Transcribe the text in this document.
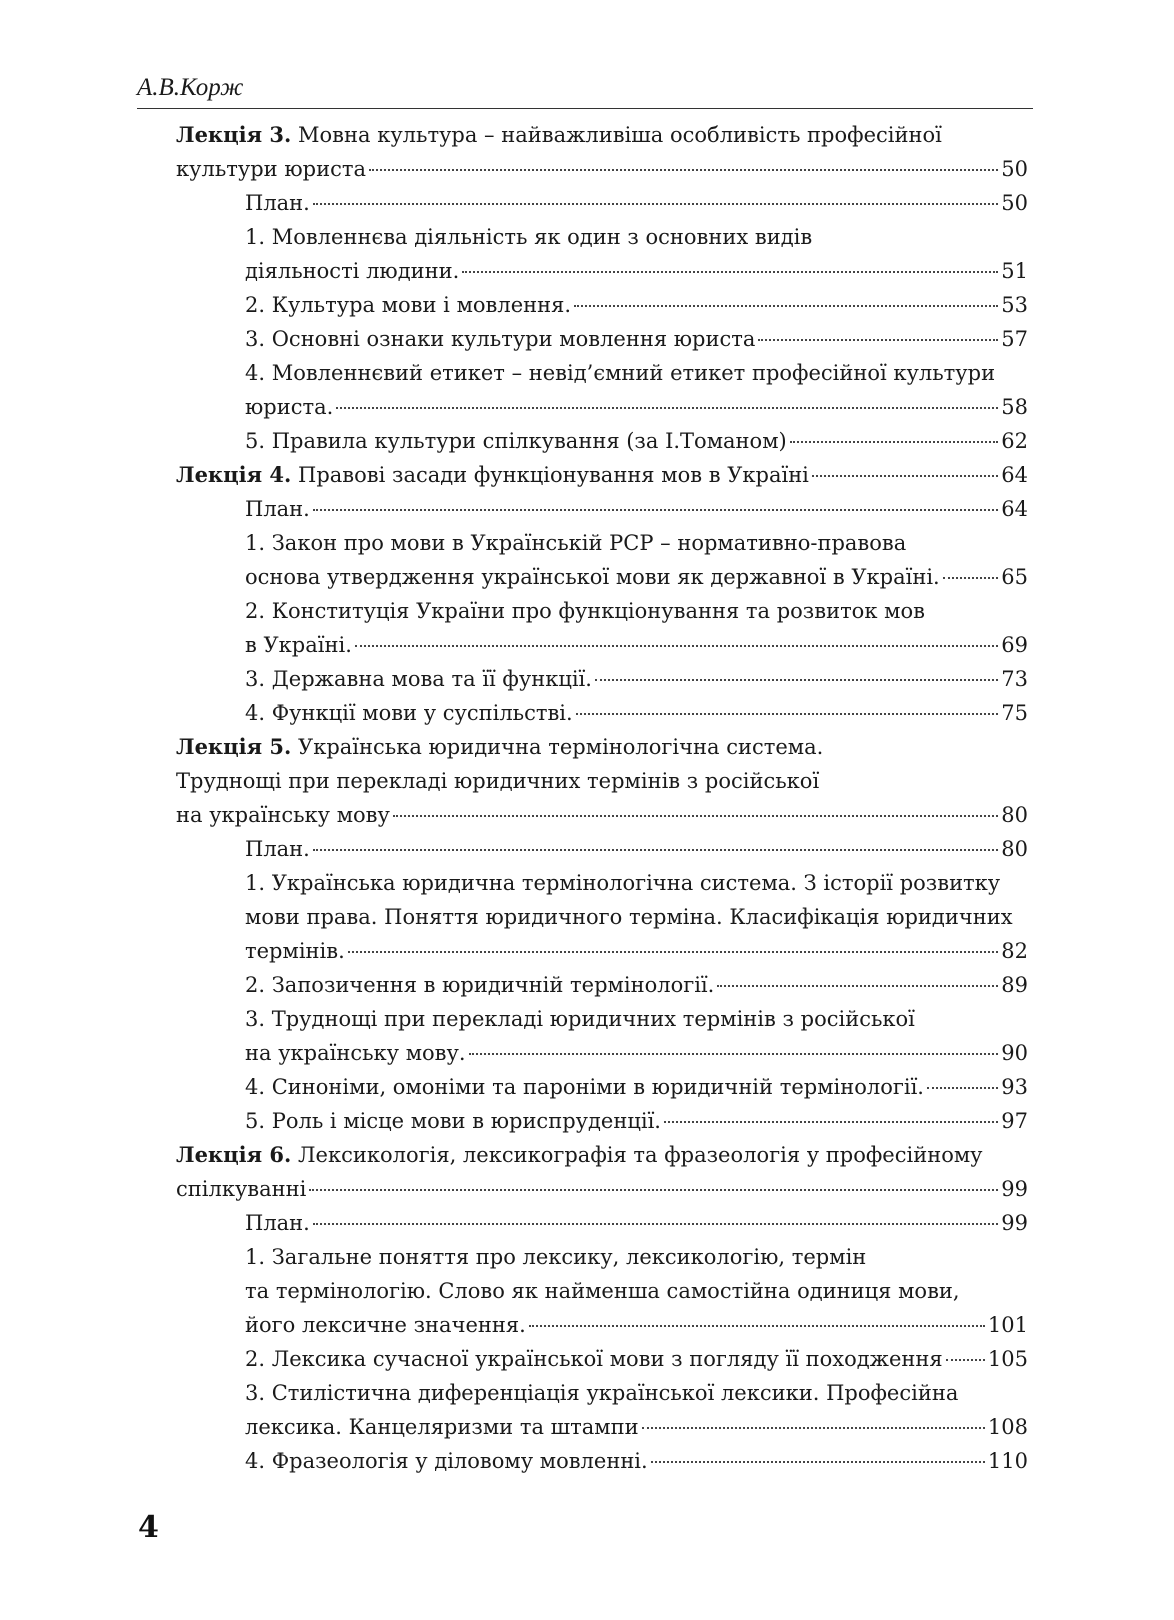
А.В.Корж
Лекція 3. Мовна культура – найважливіша особливість професійної
культури юриста	50
План.	50
1. Мовленнєва діяльність як один з основних видів
діяльності людини.	51
2. Культура мови і мовлення.	53
3. Основні ознаки культури мовлення юриста	57
4. Мовленнєвий етикет – невід’ємний етикет професійної культури
юриста.	58
5. Правила культури спілкування (за І.Томаном)	62
Лекція 4. Правові засади функціонування мов в Україні	64
План.	64
1. Закон про мови в Українській РСР – нормативно-правова
основа утвердження української мови як державної в Україні.	65
2. Конституція України про функціонування та розвиток мов
в Україні.	69
3. Державна мова та її функції.	73
4. Функції мови у суспільстві.	75
Лекція 5. Українська юридична термінологічна система.
Труднощі при перекладі юридичних термінів з російської
на українську мову	80
План.	80
1. Українська юридична термінологічна система. З історії розвитку
мови права. Поняття юридичного терміна. Класифікація юридичних
термінів.	82
2. Запозичення в юридичній термінології.	89
3. Труднощі при перекладі юридичних термінів з російської
на українську мову.	90
4. Синоніми, омоніми та пароніми в юридичній термінології.	93
5. Роль і місце мови в юриспруденції.	97
Лекція 6. Лексикологія, лексикографія та фразеологія у професійному
спілкуванні	99
План.	99
1. Загальне поняття про лексику, лексикологію, термін
та термінологію. Слово як найменша самостійна одиниця мови,
його лексичне значення.	101
2. Лексика сучасної української мови з погляду її походження 105
3. Стилістична диференціація української лексики. Професійна
лексика. Канцеляризми та штампи	108
4. Фразеологія у діловому мовленні.	110
4
